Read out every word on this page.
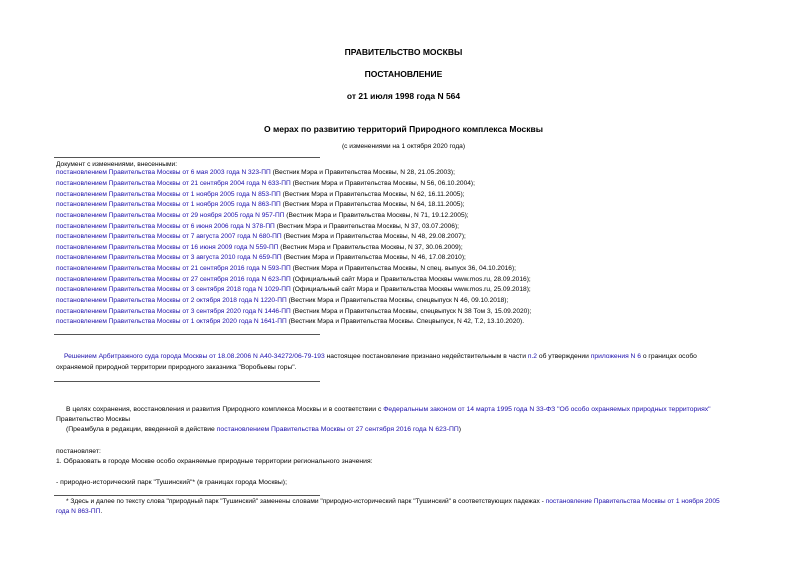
ПРАВИТЕЛЬСТВО МОСКВЫ
ПОСТАНОВЛЕНИЕ
от 21 июля 1998 года N 564
О мерах по развитию территорий Природного комплекса Москвы
(с изменениями на 1 октября 2020 года)
Документ с изменениями, внесенными:
постановлением Правительства Москвы от 6 мая 2003 года N 323-ПП (Вестник Мэра и Правительства Москвы, N 28, 21.05.2003);
постановлением Правительства Москвы от 21 сентября 2004 года N 633-ПП (Вестник Мэра и Правительства Москвы, N 56, 06.10.2004);
постановлением Правительства Москвы от 1 ноября 2005 года N 853-ПП (Вестник Мэра и Правительства Москвы, N 62, 16.11.2005);
постановлением Правительства Москвы от 1 ноября 2005 года N 863-ПП (Вестник Мэра и Правительства Москвы, N 64, 18.11.2005);
постановлением Правительства Москвы от 29 ноября 2005 года N 957-ПП (Вестник Мэра и Правительства Москвы, N 71, 19.12.2005);
постановлением Правительства Москвы от 6 июня 2006 года N 378-ПП (Вестник Мэра и Правительства Москвы, N 37, 03.07.2006);
постановлением Правительства Москвы от 7 августа 2007 года N 680-ПП (Вестник Мэра и Правительства Москвы, N 48, 29.08.2007);
постановлением Правительства Москвы от 16 июня 2009 года N 559-ПП (Вестник Мэра и Правительства Москвы, N 37, 30.06.2009);
постановлением Правительства Москвы от 3 августа 2010 года N 659-ПП (Вестник Мэра и Правительства Москвы, N 46, 17.08.2010);
постановлением Правительства Москвы от 21 сентября 2016 года N 593-ПП (Вестник Мэра и Правительства Москвы, N спец. выпуск 36, 04.10.2016);
постановлением Правительства Москвы от 27 сентября 2016 года N 623-ПП (Официальный сайт Мэра и Правительства Москвы www.mos.ru, 28.09.2016);
постановлением Правительства Москвы от 3 сентября 2018 года N 1029-ПП (Официальный сайт Мэра и Правительства Москвы www.mos.ru, 25.09.2018);
постановлением Правительства Москвы от 2 октября 2018 года N 1220-ПП (Вестник Мэра и Правительства Москвы, спецвыпуск N 46, 09.10.2018);
постановлением Правительства Москвы от 3 сентября 2020 года N 1446-ПП (Вестник Мэра и Правительства Москвы, спецвыпуск N 38 Том 3, 15.09.2020);
постановлением Правительства Москвы от 1 октября 2020 года N 1641-ПП (Вестник Мэра и Правительства Москвы. Спецвыпуск, N 42, Т.2, 13.10.2020).
Решением Арбитражного суда города Москвы от 18.08.2006 N А40-34272/06-79-193 настоящее постановление признано недействительным в части п.2 об утверждении приложения N 6 о границах особо
охраняемой природной территории природного заказника "Воробьевы горы".
В целях сохранения, восстановления и развития Природного комплекса Москвы и в соответствии с Федеральным законом от 14 марта 1995 года N 33-ФЗ "Об особо охраняемых природных территориях"
Правительство Москвы
(Преамбула в редакции, введенной в действие постановлением Правительства Москвы от 27 сентября 2016 года N 623-ПП)
постановляет:
1. Образовать в городе Москве особо охраняемые природные территории регионального значения:
- природно-исторический парк "Тушинский"* (в границах города Москвы);
* Здесь и далее по тексту слова "природный парк "Тушинский" заменены словами "природно-исторический парк "Тушинский" в соответствующих падежах - постановление Правительства Москвы от 1 ноября 2005
года N 863-ПП.
